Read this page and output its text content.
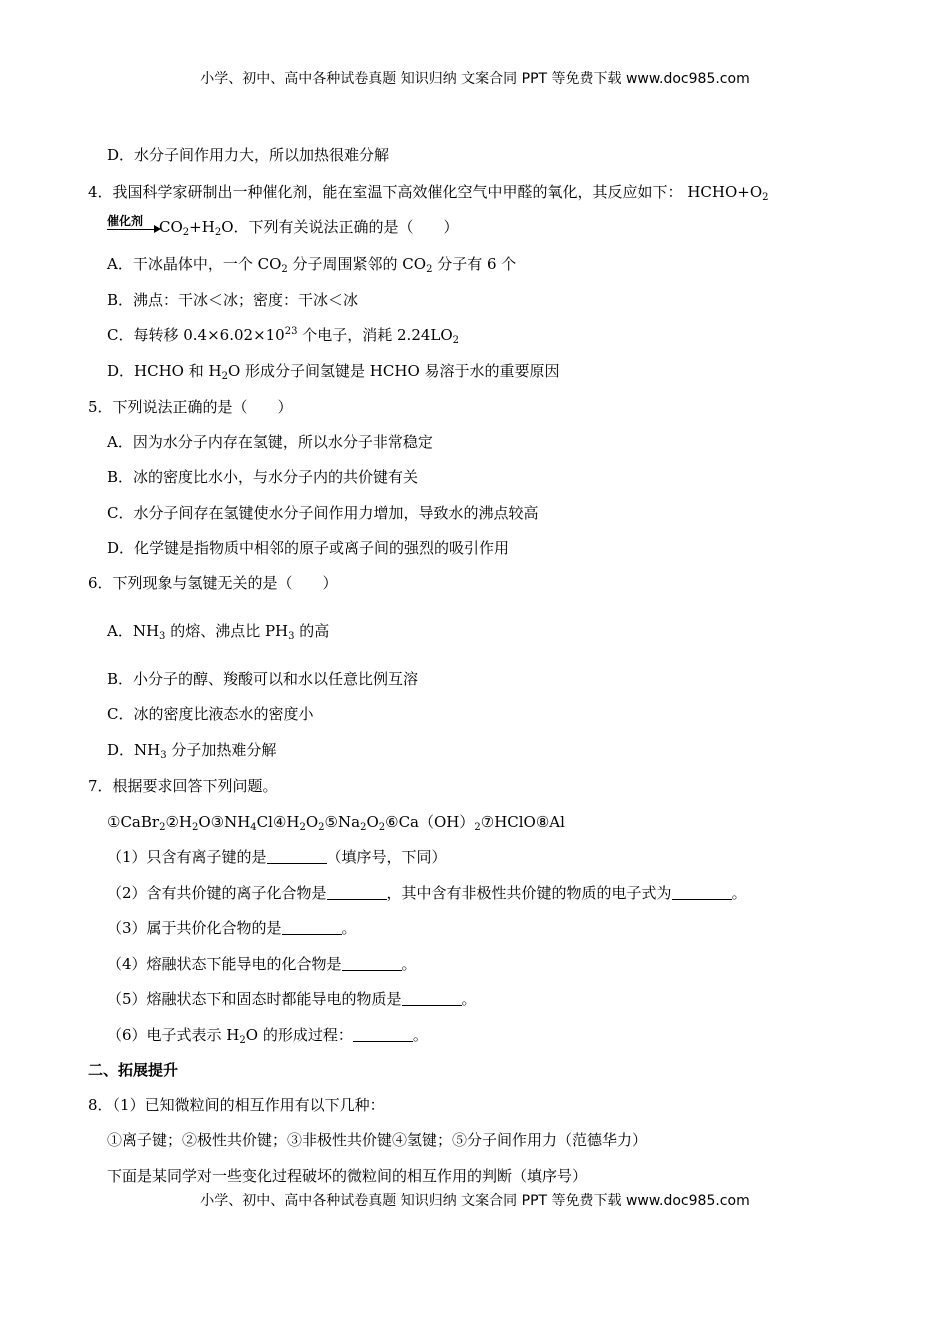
小学、初中、高中各种试卷真题 知识归纳 文案合同 PPT 等免费下载 www.doc985.com
D．水分子间作用力大，所以加热很难分解
4．我国科学家研制出一种催化剂，能在室温下高效催化空气中甲醛的氧化，其反应如下： $HCHO+O_2$
催化剂 $CO_2+H_2O$．下列有关说法正确的是（　　）
A．干冰晶体中，一个 $CO_2$ 分子周围紧邻的 $CO_2$ 分子有 6 个
B．沸点：干冰＜冰；密度：干冰＜冰
C．每转移 $0.4\times 6.02\times 10^{23}$ 个电子，消耗 $2.24LO_2$
D．HCHO 和 $H_2O$ 形成分子间氢键是 HCHO 易溶于水的重要原因
5．下列说法正确的是（　　）
A．因为水分子内存在氢键，所以水分子非常稳定
B．冰的密度比水小，与水分子内的共价键有关
C．水分子间存在氢键使水分子间作用力增加，导致水的沸点较高
D．化学键是指物质中相邻的原子或离子间的强烈的吸引作用
6．下列现象与氢键无关的是（　　）
A．$NH_3$ 的熔、沸点比 $PH_3$ 的高
B．小分子的醇、羧酸可以和水以任意比例互溶
C．冰的密度比液态水的密度小
D．$NH_3$ 分子加热难分解
7．根据要求回答下列问题。
$①CaBr_2②H_2O③NH_4Cl④H_2O_2⑤Na_2O_2⑥Ca(OH)_2⑦HClO⑧Al$
（1）只含有离子键的是	（填序号，下同）
（2）含有共价键的离子化合物是	，其中含有非极性共价键的物质的电子式为	。
（3）属于共价化合物的是	。
（4）熔融状态下能导电的化合物是	。
（5）熔融状态下和固态时都能导电的物质是	。
（6）电子式表示 $H_2O$ 的形成过程：	。
二、拓展提升
8．（1）已知微粒间的相互作用有以下几种：
①离子键；②极性共价键；③非极性共价键④氢键；⑤分子间作用力（范德华力）
下面是某同学对一些变化过程破坏的微粒间的相互作用的判断（填序号）
小学、初中、高中各种试卷真题 知识归纳 文案合同 PPT 等免费下载 www.doc985.com
